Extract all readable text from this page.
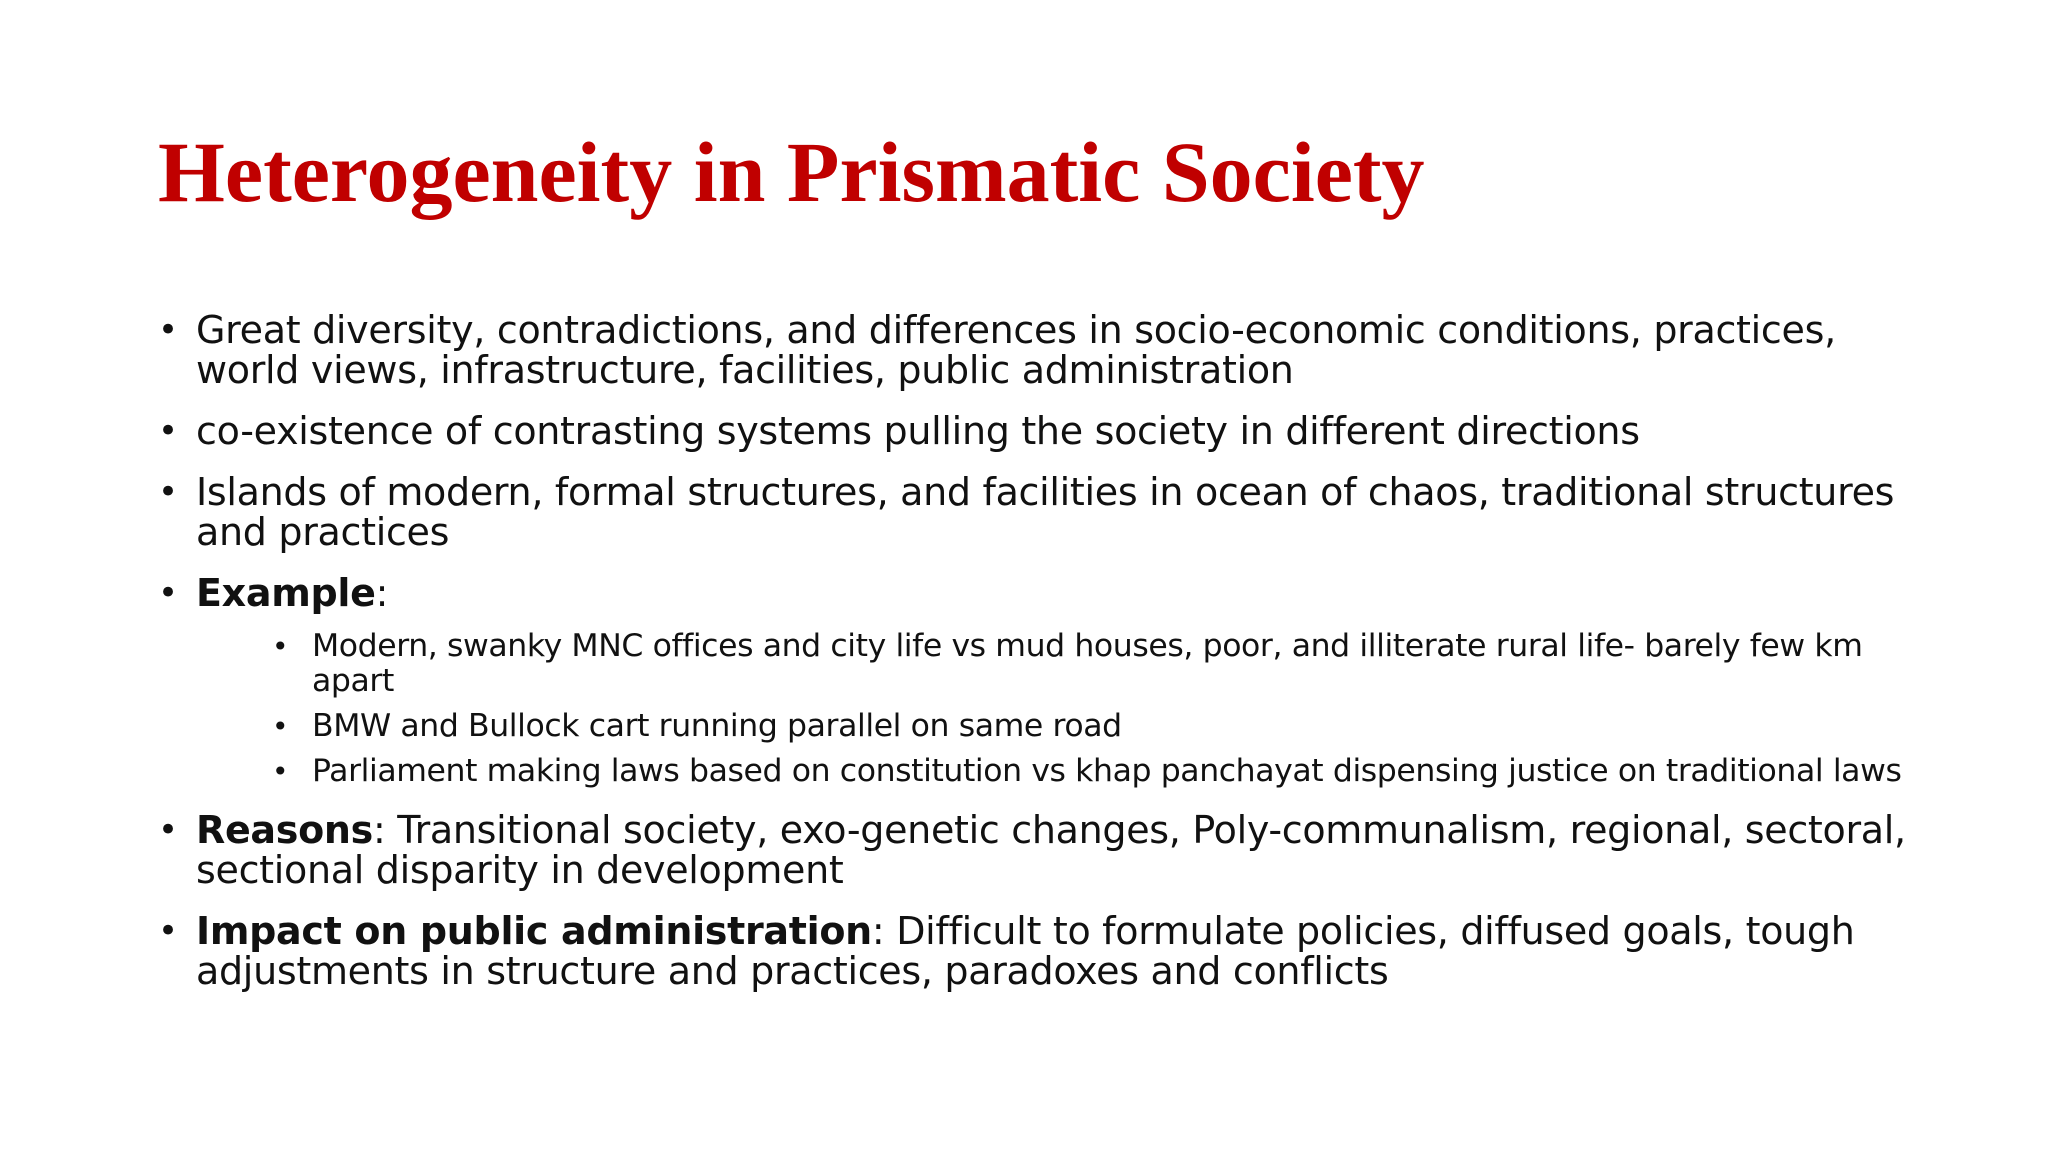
Heterogeneity in Prismatic Society
• Great diversity, contradictions, and differences in socio-economic conditions, practices, world views, infrastructure, facilities, public administration
• co-existence of contrasting systems pulling the society in different directions
• Islands of modern, formal structures, and facilities in ocean of chaos, traditional structures and practices
• Example:
• Modern, swanky MNC offices and city life vs mud houses, poor, and illiterate rural life- barely few km apart
• BMW and Bullock cart running parallel on same road
• Parliament making laws based on constitution vs khap panchayat dispensing justice on traditional laws
• Reasons: Transitional society, exo-genetic changes, Poly-communalism, regional, sectoral, sectional disparity in development
• Impact on public administration: Difficult to formulate policies, diffused goals, tough adjustments in structure and practices, paradoxes and conflicts
